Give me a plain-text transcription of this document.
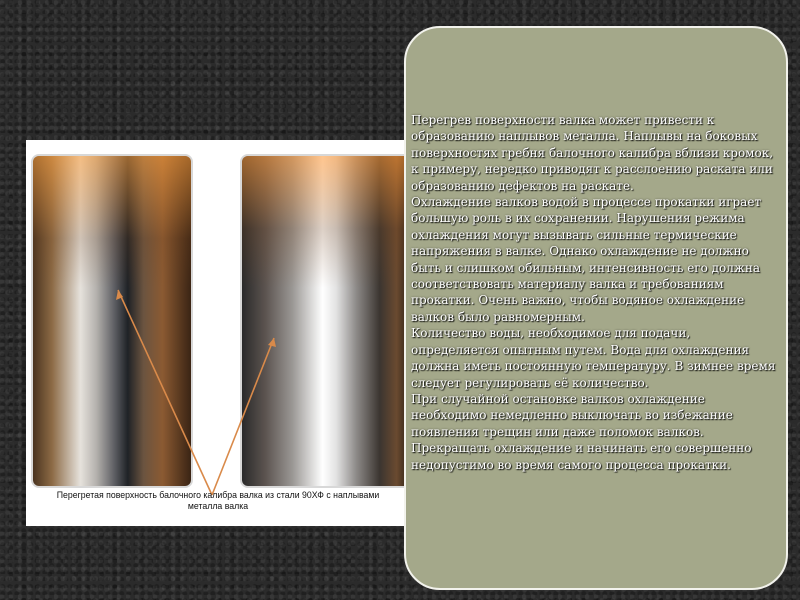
Перегретая поверхность балочного калибра валка из стали 90ХФ с наплывами металла валка

Перегрев поверхности валка может привести к образованию наплывов металла. Наплывы на боковых поверхностях гребня балочного калибра вблизи кромок, к примеру, нередко приводят к расслоению раската или образованию дефектов на раскате.

Охлаждение валков водой в процессе прокатки играет большую роль в их сохранении. Нарушения режима охлаждения могут вызывать сильные термические напряжения в валке. Однако охлаждение не должно быть и слишком обильным, интенсивность его должна соответствовать материалу валка и требованиям прокатки. Очень важно, чтобы водяное охлаждение валков было равномерным.

Количество воды, необходимое для подачи, определяется опытным путем. Вода для охлаждения должна иметь постоянную температуру. В зимнее время следует регулировать её количество.

При случайной остановке валков охлаждение необходимо немедленно выключать во избежание появления трещин или даже поломок валков.

Прекращать охлаждение и начинать его совершенно недопустимо во время самого процесса прокатки.
